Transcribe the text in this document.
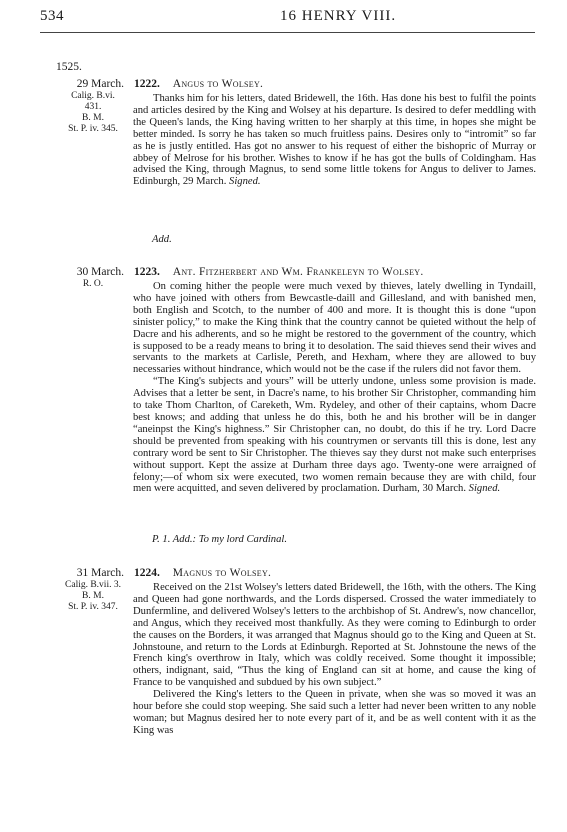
​
534	16 HENRY VIII.
1525.
29 March.
Calig. B.vi.
431.
B. M.
St. P. iv. 345.
1222. Angus to Wolsey.

Thanks him for his letters, dated Bridewell, the 16th. Has done his best to fulfil the points and articles desired by the King and Wolsey at his departure. Is desired to defer meddling with the Queen's lands, the King having written to her sharply at this time, in hopes she might be better minded. Is sorry he has taken so much fruitless pains. Desires only to “intromit” so far as he is justly entitled. Has got no answer to his request of either the bishopric of Murray or abbey of Melrose for his brother. Wishes to know if he has got the bulls of Coldingham. Has advised the King, through Magnus, to send some little tokens for Angus to deliver to James. Edinburgh, 29 March. Signed.

Add.
30 March.
R. O.
1223. Ant. Fitzherbert and Wm. Frankeleyn to Wolsey.

On coming hither the people were much vexed by thieves, lately dwelling in Tyndaill, who have joined with others from Bewcastle-daill and Gillesland, and with banished men, both English and Scotch, to the number of 400 and more. It is thought this is done “upon sinister policy,” to make the King think that the country cannot be quieted without the help of Dacre and his adherents, and so he might be restored to the government of the country, which is supposed to be a ready means to bring it to desolation. The said thieves send their wives and servants to the markets at Carlisle, Pereth, and Hexham, where they are allowed to buy necessaries without hindrance, which would not be the case if the rulers did not favor them.

“The King's subjects and yours” will be utterly undone, unless some provision is made. Advises that a letter be sent, in Dacre's name, to his brother Sir Christopher, commanding him to take Thom Charlton, of Careketh, Wm. Rydeley, and other of their captains, whom Dacre best knows; and adding that unless he do this, both he and his brother will be in danger “aneinpst the King's highness.” Sir Christopher can, no doubt, do this if he try. Lord Dacre should be prevented from speaking with his countrymen or servants till this is done, lest any contrary word be sent to Sir Christopher. The thieves say they durst not make such enterprises without support. Kept the assize at Durham three days ago. Twenty-one were arraigned of felony;—of whom six were executed, two women remain because they are with child, four men were acquitted, and seven delivered by proclamation. Durham, 30 March. Signed.

P. 1. Add.: To my lord Cardinal.
31 March.
Calig. B.vii. 3.
B. M.
St. P. iv. 347.
1224. Magnus to Wolsey.

Received on the 21st Wolsey's letters dated Bridewell, the 16th, with the others. The King and Queen had gone northwards, and the Lords dispersed. Crossed the water immediately to Dunfermline, and delivered Wolsey's letters to the archbishop of St. Andrew's, now chancellor, and Angus, which they received most thankfully. As they were coming to Edinburgh to order the causes on the Borders, it was arranged that Magnus should go to the King and Queen at St. Johnstoune, and return to the Lords at Edinburgh. Reported at St. Johnstoune the news of the French king's overthrow in Italy, which was coldly received. Some thought it impossible; others, indignant, said, “Thus the king of England can sit at home, and cause the king of France to be vanquished and subdued by his own subject.”

Delivered the King's letters to the Queen in private, when she was so moved it was an hour before she could stop weeping. She said such a letter had never been written to any noble woman; but Magnus desired her to note every part of it, and be as well content with it as the King was
